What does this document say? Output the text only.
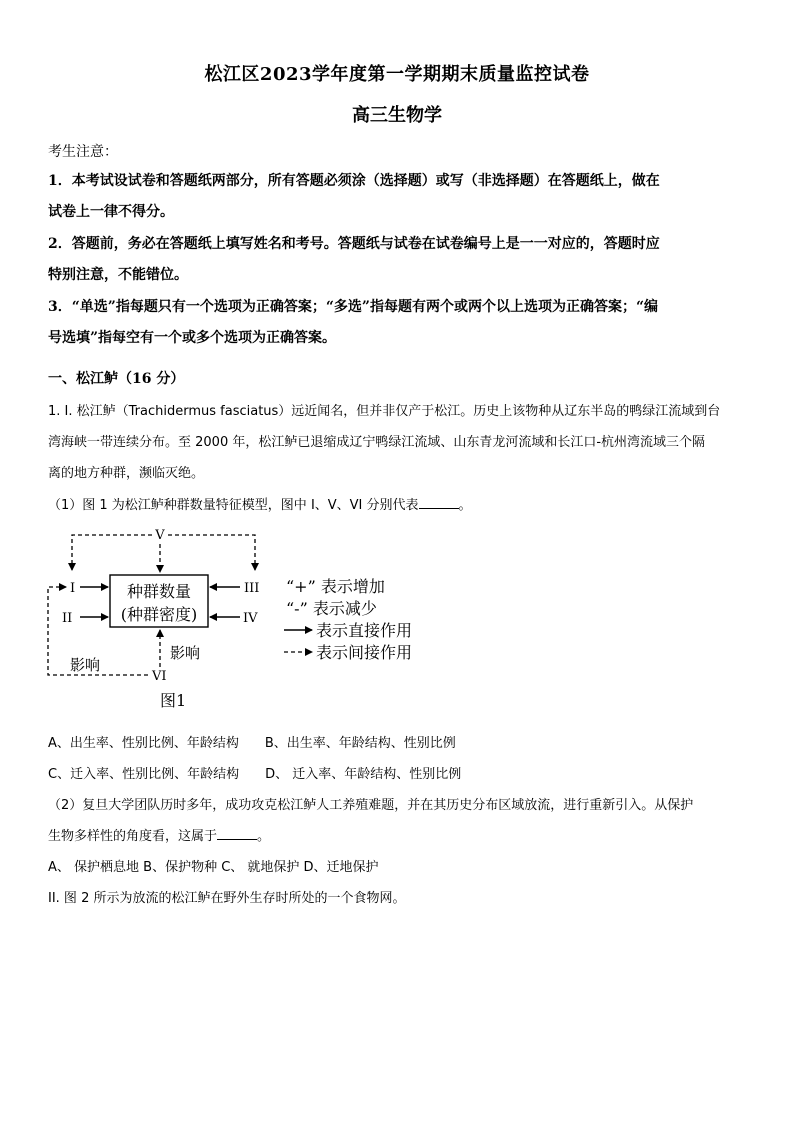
松江区2023学年度第一学期期末质量监控试卷
高三生物学
考生注意：
1．本考试设试卷和答题纸两部分，所有答题必须涂（选择题）或写（非选择题）在答题纸上，做在
试卷上一律不得分。
2．答题前，务必在答题纸上填写姓名和考号。答题纸与试卷在试卷编号上是一一对应的，答题时应
特别注意，不能错位。
3．“单选”指每题只有一个选项为正确答案；“多选”指每题有两个或两个以上选项为正确答案；“编
号选填”指每空有一个或多个选项为正确答案。
一、松江鲈（16 分）
1. I. 松江鲈（Trachidermus fasciatus）远近闻名，但并非仅产于松江。历史上该物种从辽东半岛的鸭绿江流域到台
湾海峡一带连续分布。至 2000 年，松江鲈已退缩成辽宁鸭绿江流域、山东青龙河流域和长江口-杭州湾流域三个隔
离的地方种群，濒临灭绝。
（1）图 1 为松江鲈种群数量特征模型，图中 I、V、VI 分别代表	。
种群数量
(种群密度)
V
I
II
III
IV
VI
影响
影响
“+” 表示增加
“-” 表示减少
表示直接作用
表示间接作用
图1
A、出生率、性别比例、年龄结构　　B、出生率、年龄结构、性别比例
C、迁入率、性别比例、年龄结构　　D、 迁入率、年龄结构、性别比例
（2）复旦大学团队历时多年，成功攻克松江鲈人工养殖难题，并在其历史分布区域放流，进行重新引入。从保护
生物多样性的角度看，这属于	。
A、 保护栖息地 B、保护物种 C、 就地保护 D、迁地保护
II. 图 2 所示为放流的松江鲈在野外生存时所处的一个食物网。
